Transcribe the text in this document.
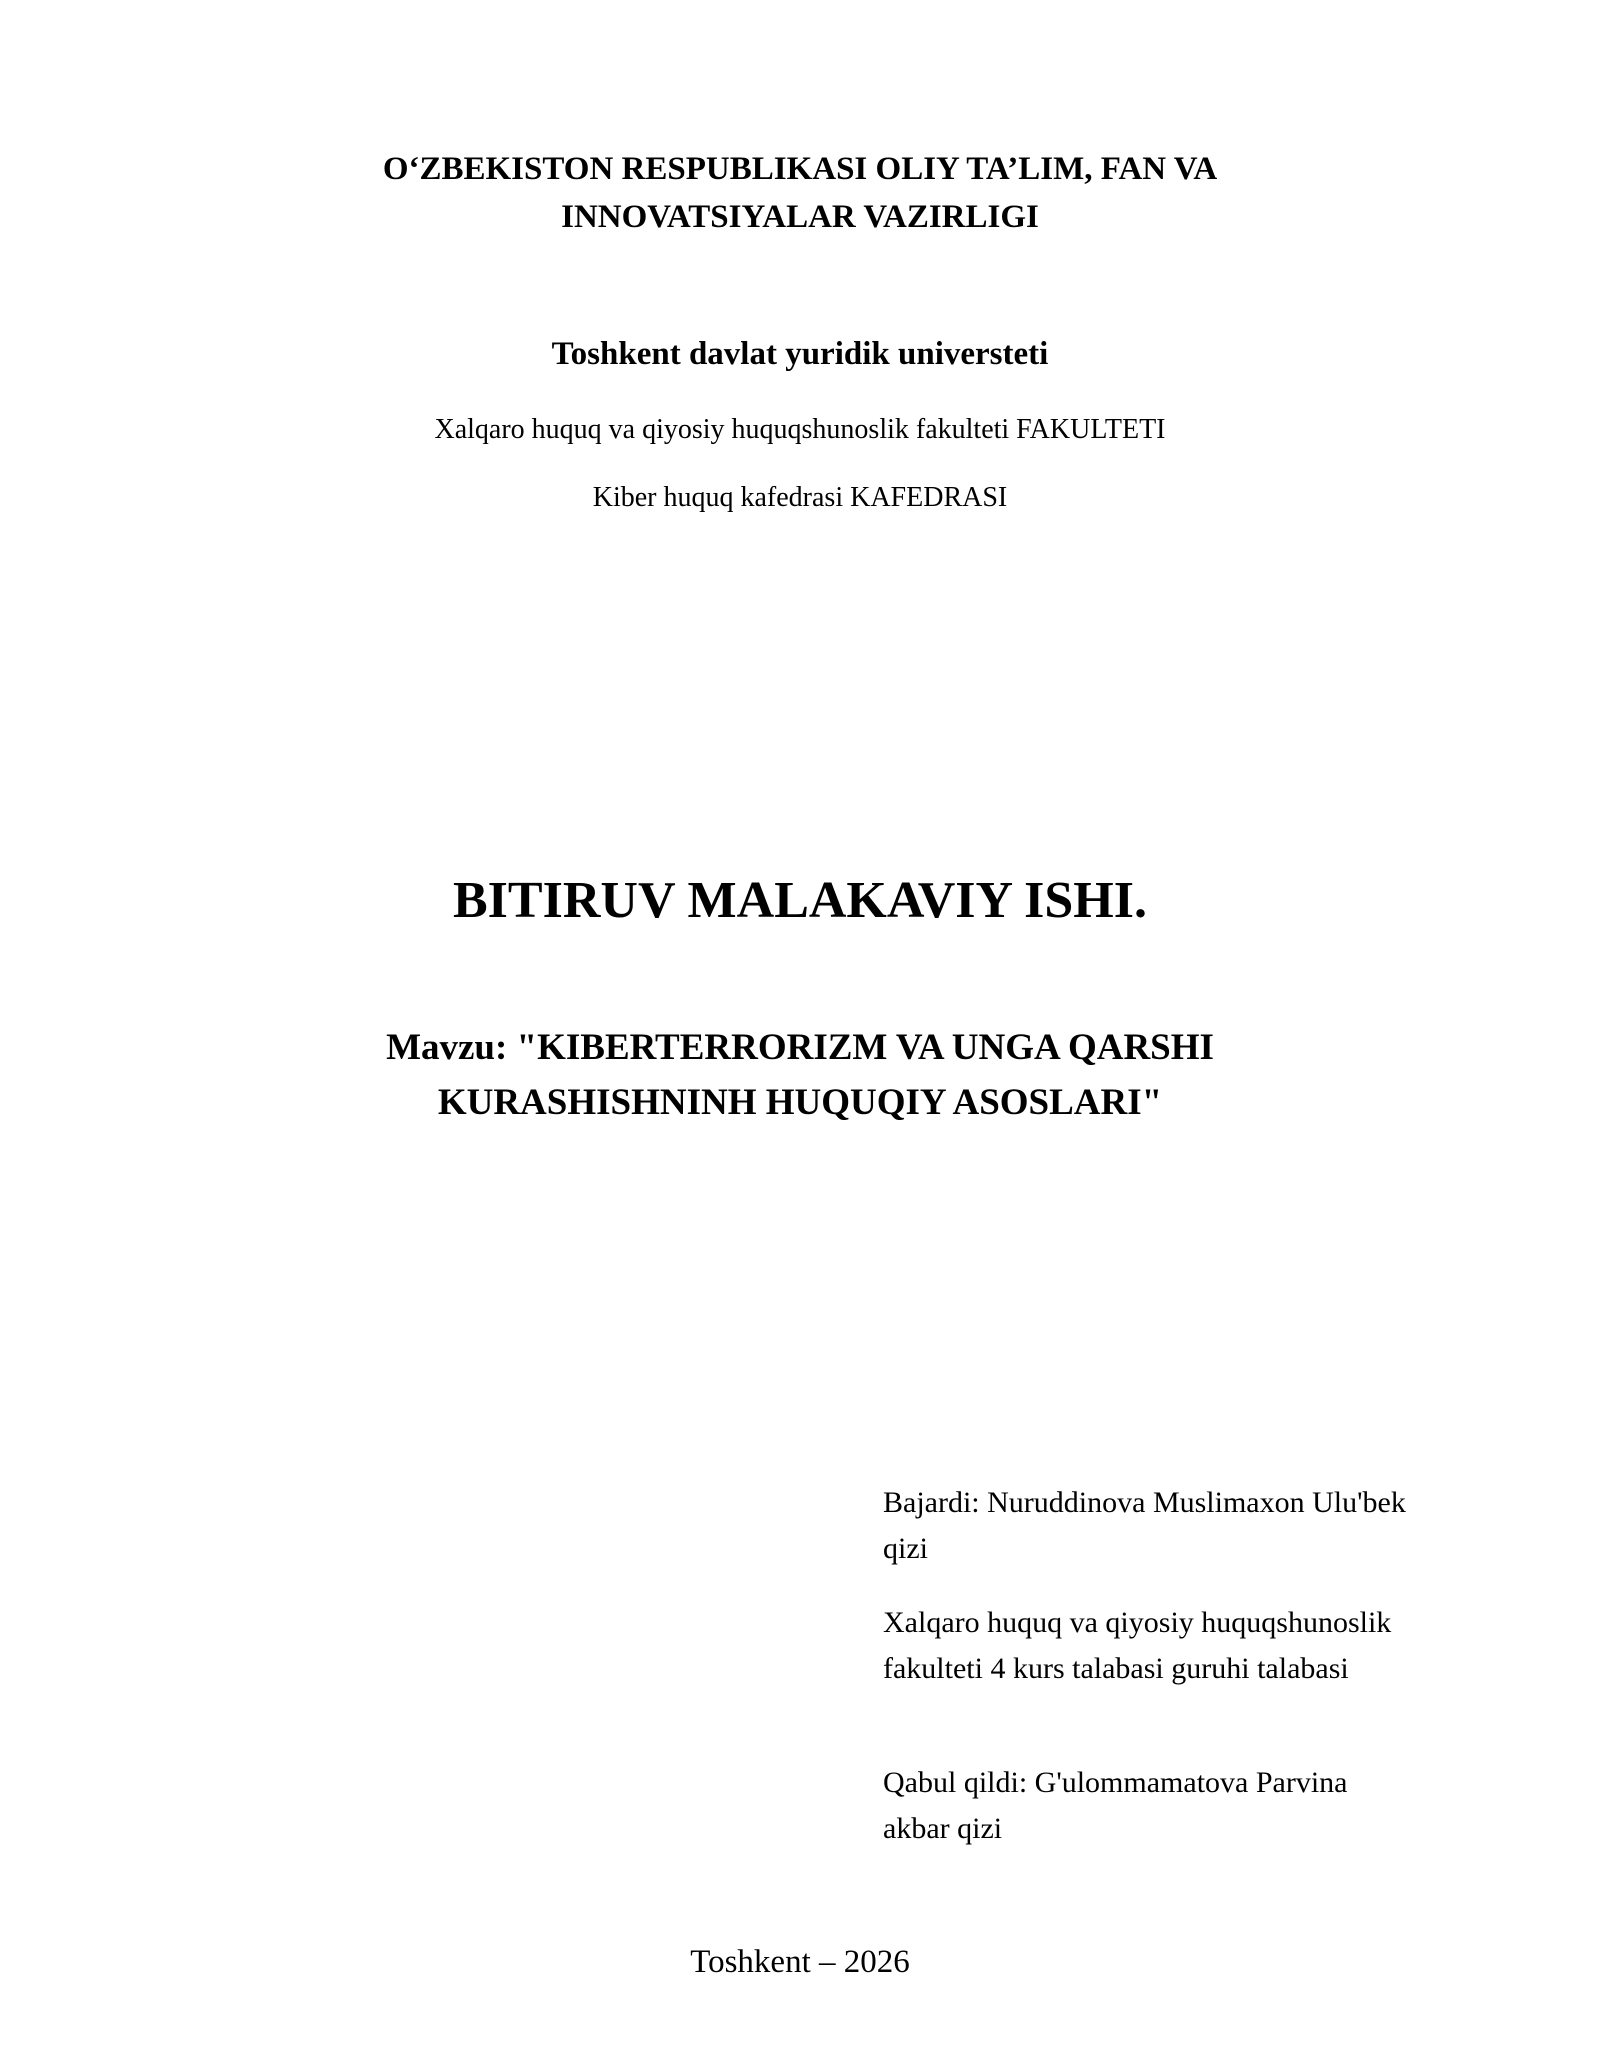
O‘ZBEKISTON RESPUBLIKASI OLIY TA’LIM, FAN VA
INNOVATSIYALAR VAZIRLIGI
Toshkent davlat yuridik universteti
Xalqaro huquq va qiyosiy huquqshunoslik fakulteti FAKULTETI
Kiber huquq kafedrasi KAFEDRASI
BITIRUV MALAKAVIY ISHI.
Mavzu: "KIBERTERRORIZM VA UNGA QARSHI
KURASHISHNINH HUQUQIY ASOSLARI"
Bajardi: Nuruddinova Muslimaxon Ulu'bek
qizi
Xalqaro huquq va qiyosiy huquqshunoslik
fakulteti 4 kurs talabasi guruhi talabasi
Qabul qildi: G'ulommamatova Parvina
akbar qizi
Toshkent – 2026
